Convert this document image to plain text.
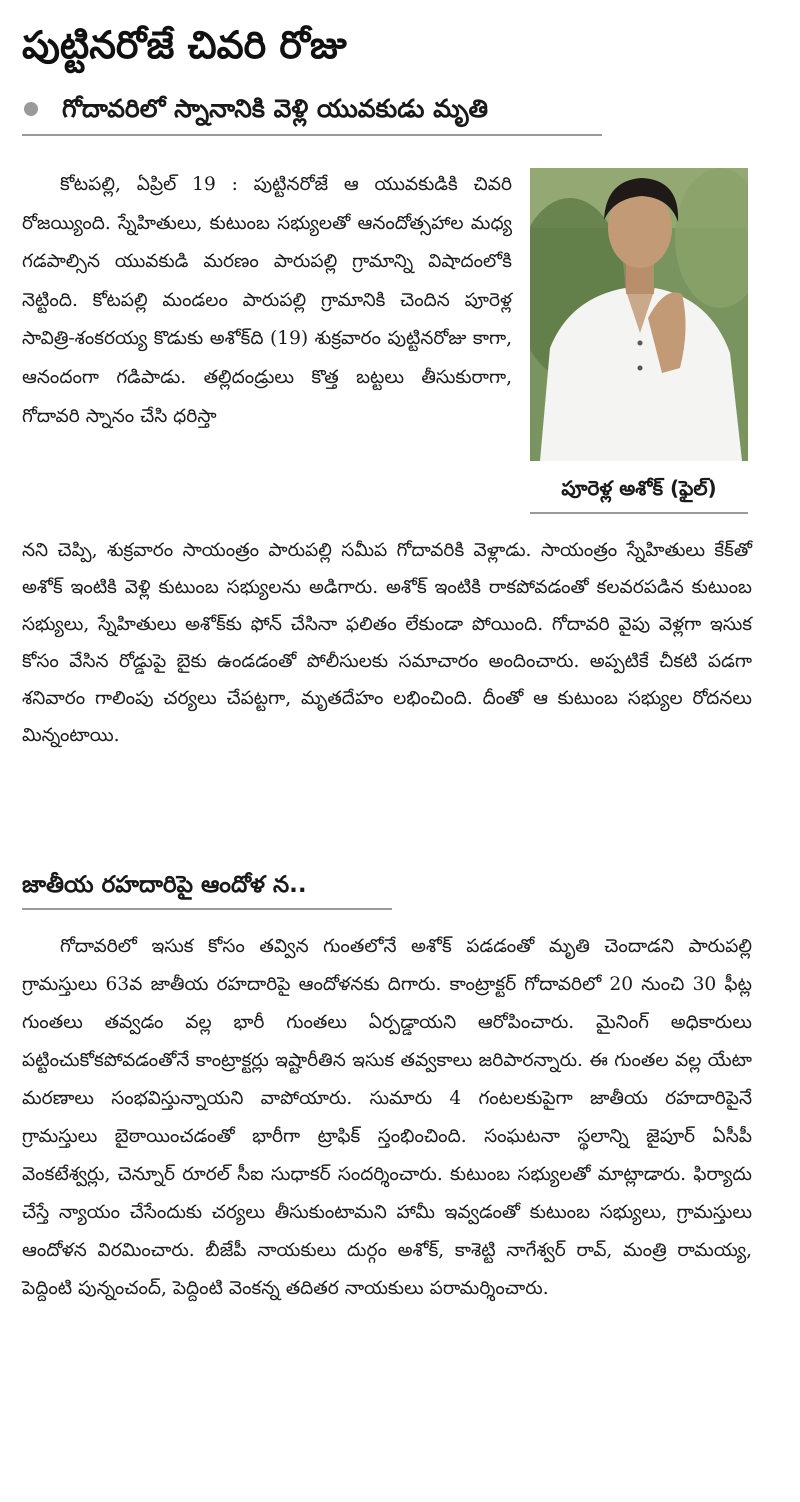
పుట్టినరోజే చివరి రోజు
గోదావరిలో స్నానానికి వెళ్లి యువకుడు మృతి
పూరెళ్ల అశోక్ (ఫైల్)

కోటపల్లి, ఏప్రిల్ 19 : పుట్టినరోజే ఆ యువకుడికి చివరి రోజయ్యింది. స్నేహితులు, కుటుంబ సభ్యులతో ఆనందోత్సహాల మధ్య గడపాల్సిన యువకుడి మరణం పారుపల్లి గ్రామాన్ని విషాదంలోకి నెట్టింది. కోటపల్లి మండలం పారుపల్లి గ్రామానికి చెందిన పూరెళ్ల సావిత్రి-శంకరయ్య కొడుకు అశోక్‌ది (19) శుక్రవారం పుట్టినరోజు కాగా, ఆనందంగా గడిపాడు. తల్లిదండ్రులు కొత్త బట్టలు తీసుకురాగా, గోదావరి స్నానం చేసి ధరిస్తా

నని చెప్పి, శుక్రవారం సాయంత్రం పారుపల్లి సమీప గోదావరికి వెళ్లాడు. సాయంత్రం స్నేహితులు కేక్‌తో అశోక్ ఇంటికి వెళ్లి కుటుంబ సభ్యులను అడిగారు. అశోక్ ఇంటికి రాకపోవడంతో కలవరపడిన కుటుంబ సభ్యులు, స్నేహితులు అశోక్‌కు ఫోన్ చేసినా ఫలితం లేకుండా పోయింది. గోదావరి వైపు వెళ్లగా ఇసుక కోసం వేసిన రోడ్డుపై బైకు ఉండడంతో పోలీసులకు సమాచారం అందించారు. అప్పటికే చీకటి పడగా శనివారం గాలింపు చర్యలు చేపట్టగా, మృతదేహం లభించింది. దీంతో ఆ కుటుంబ సభ్యుల రోదనలు మిన్నంటాయి.

జాతీయ రహదారిపై ఆందోళ న..

గోదావరిలో ఇసుక కోసం తవ్విన గుంతలోనే అశోక్ పడడంతో మృతి చెందాడని పారుపల్లి గ్రామస్తులు 63వ జాతీయ రహదారిపై ఆందోళనకు దిగారు. కాంట్రాక్టర్ గోదావరిలో 20 నుంచి 30 ఫీట్ల గుంతలు తవ్వడం వల్ల భారీ గుంతలు ఏర్పడ్డాయని ఆరోపించారు. మైనింగ్ అధికారులు పట్టించుకోకపోవడంతోనే కాంట్రాక్టర్లు ఇష్టారీతిన ఇసుక తవ్వకాలు జరిపారన్నారు. ఈ గుంతల వల్ల యేటా మరణాలు సంభవిస్తున్నాయని వాపోయారు. సుమారు 4 గంటలకుపైగా జాతీయ రహదారిపైనే గ్రామస్తులు బైఠాయించడంతో భారీగా ట్రాఫిక్ స్తంభించింది. సంఘటనా స్థలాన్ని జైపూర్ ఏసీపీ వెంకటేశ్వర్లు, చెన్నూర్ రూరల్ సీఐ సుధాకర్ సందర్శించారు. కుటుంబ సభ్యులతో మాట్లాడారు. ఫిర్యాదు చేస్తే న్యాయం చేసేందుకు చర్యలు తీసుకుంటామని హామీ ఇవ్వడంతో కుటుంబ సభ్యులు, గ్రామస్తులు ఆందోళన విరమించారు. బీజేపీ నాయకులు దుర్గం అశోక్, కాశెట్టి నాగేశ్వర్ రావ్, మంత్రి రామయ్య, పెద్దింటి పున్నంచంద్, పెద్దింటి వెంకన్న తదితర నాయకులు పరామర్శించారు.
